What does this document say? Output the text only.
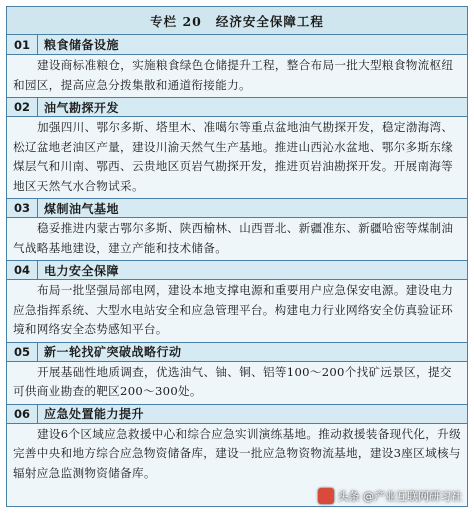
专栏 20 经济安全保障工程
01	粮食储备设施
建设商标准粮仓，实施粮食绿色仓储提升工程，整合布局一批大型粮食物流枢纽和园区，提高应急分拨集散和通道衔接能力。
02	油气勘探开发
加强四川、鄂尔多斯、塔里木、准噶尔等重点盆地油气勘探开发，稳定渤海湾、松辽盆地老油区产量，建设川渝天然气生产基地。推进山西沁水盆地、鄂尔多斯东缘煤层气和川南、鄂西、云贵地区页岩气勘探开发，推进页岩油勘探开发。开展南海等地区天然气水合物试采。
03	煤制油气基地
稳妥推进内蒙古鄂尔多斯、陕西榆林、山西晋北、新疆准东、新疆哈密等煤制油气战略基地建设，建立产能和技术储备。
04	电力安全保障
布局一批坚强局部电网，建设本地支撑电源和重要用户应急保安电源。建设电力应急指挥系统、大型水电站安全和应急管理平台。构建电力行业网络安全仿真验证环境和网络安全态势感知平台。
05	新一轮找矿突破战略行动
开展基础性地质调查，优选油气、铀、铜、铝等100～200个找矿远景区，提交可供商业勘查的靶区200～300处。
06	应急处置能力提升
建设6个区域应急救援中心和综合应急实训演练基地。推动救援装备现代化，升级完善中央和地方综合应急物资储备库，建设一批应急物资物流基地，建设3座区域核与辐射应急监测物资储备库。
头条 @产业互联网研习社
